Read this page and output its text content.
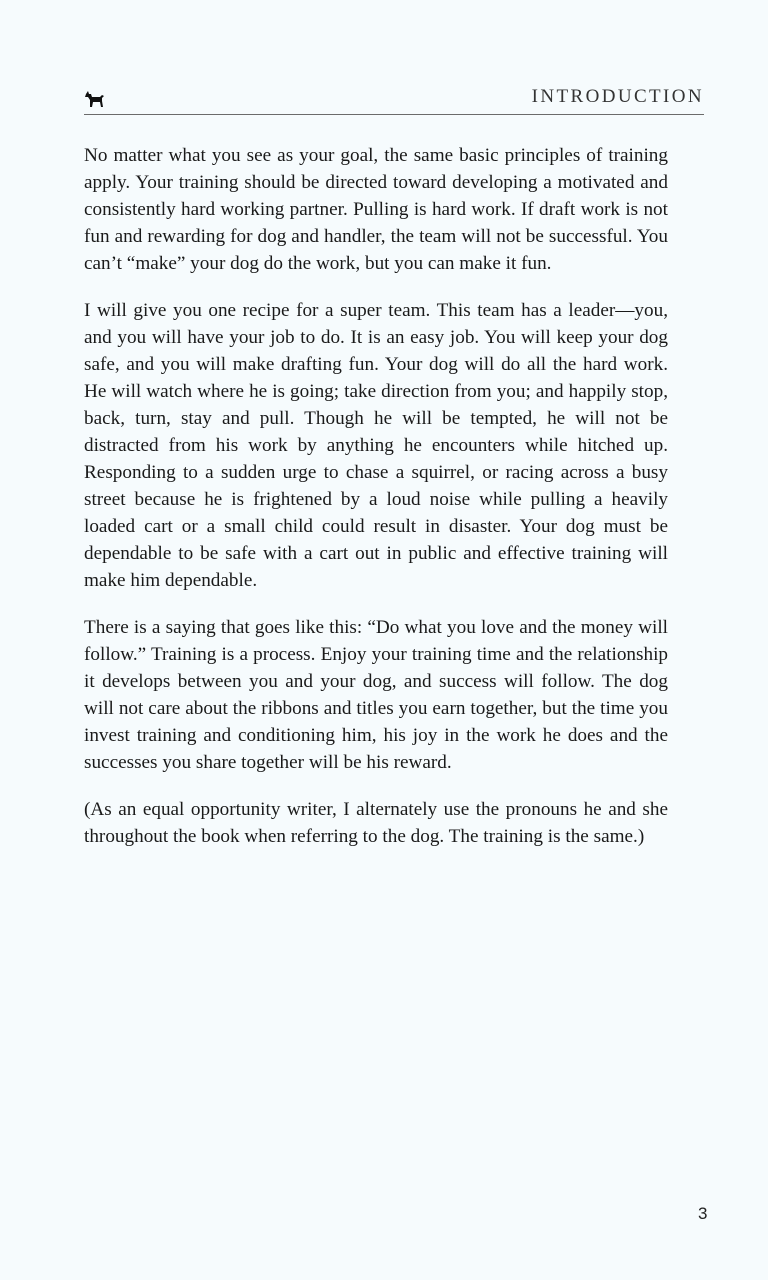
INTRODUCTION

No matter what you see as your goal, the same basic principles of training apply. Your training should be directed toward developing a motivated and consistently hard working partner. Pulling is hard work. If draft work is not fun and rewarding for dog and handler, the team will not be successful. You can’t “make” your dog do the work, but you can make it fun.

I will give you one recipe for a super team. This team has a leader—you, and you will have your job to do. It is an easy job. You will keep your dog safe, and you will make drafting fun. Your dog will do all the hard work. He will watch where he is going; take direction from you; and happily stop, back, turn, stay and pull. Though he will be tempted, he will not be distracted from his work by anything he encounters while hitched up. Responding to a sudden urge to chase a squirrel, or racing across a busy street because he is frightened by a loud noise while pulling a heavily loaded cart or a small child could result in disaster. Your dog must be dependable to be safe with a cart out in public and effective training will make him dependable.

There is a saying that goes like this: “Do what you love and the money will follow.” Training is a process. Enjoy your training time and the relationship it develops between you and your dog, and success will follow. The dog will not care about the ribbons and titles you earn together, but the time you invest training and conditioning him, his joy in the work he does and the successes you share together will be his reward.

(As an equal opportunity writer, I alternately use the pronouns he and she throughout the book when referring to the dog. The training is the same.)

3
